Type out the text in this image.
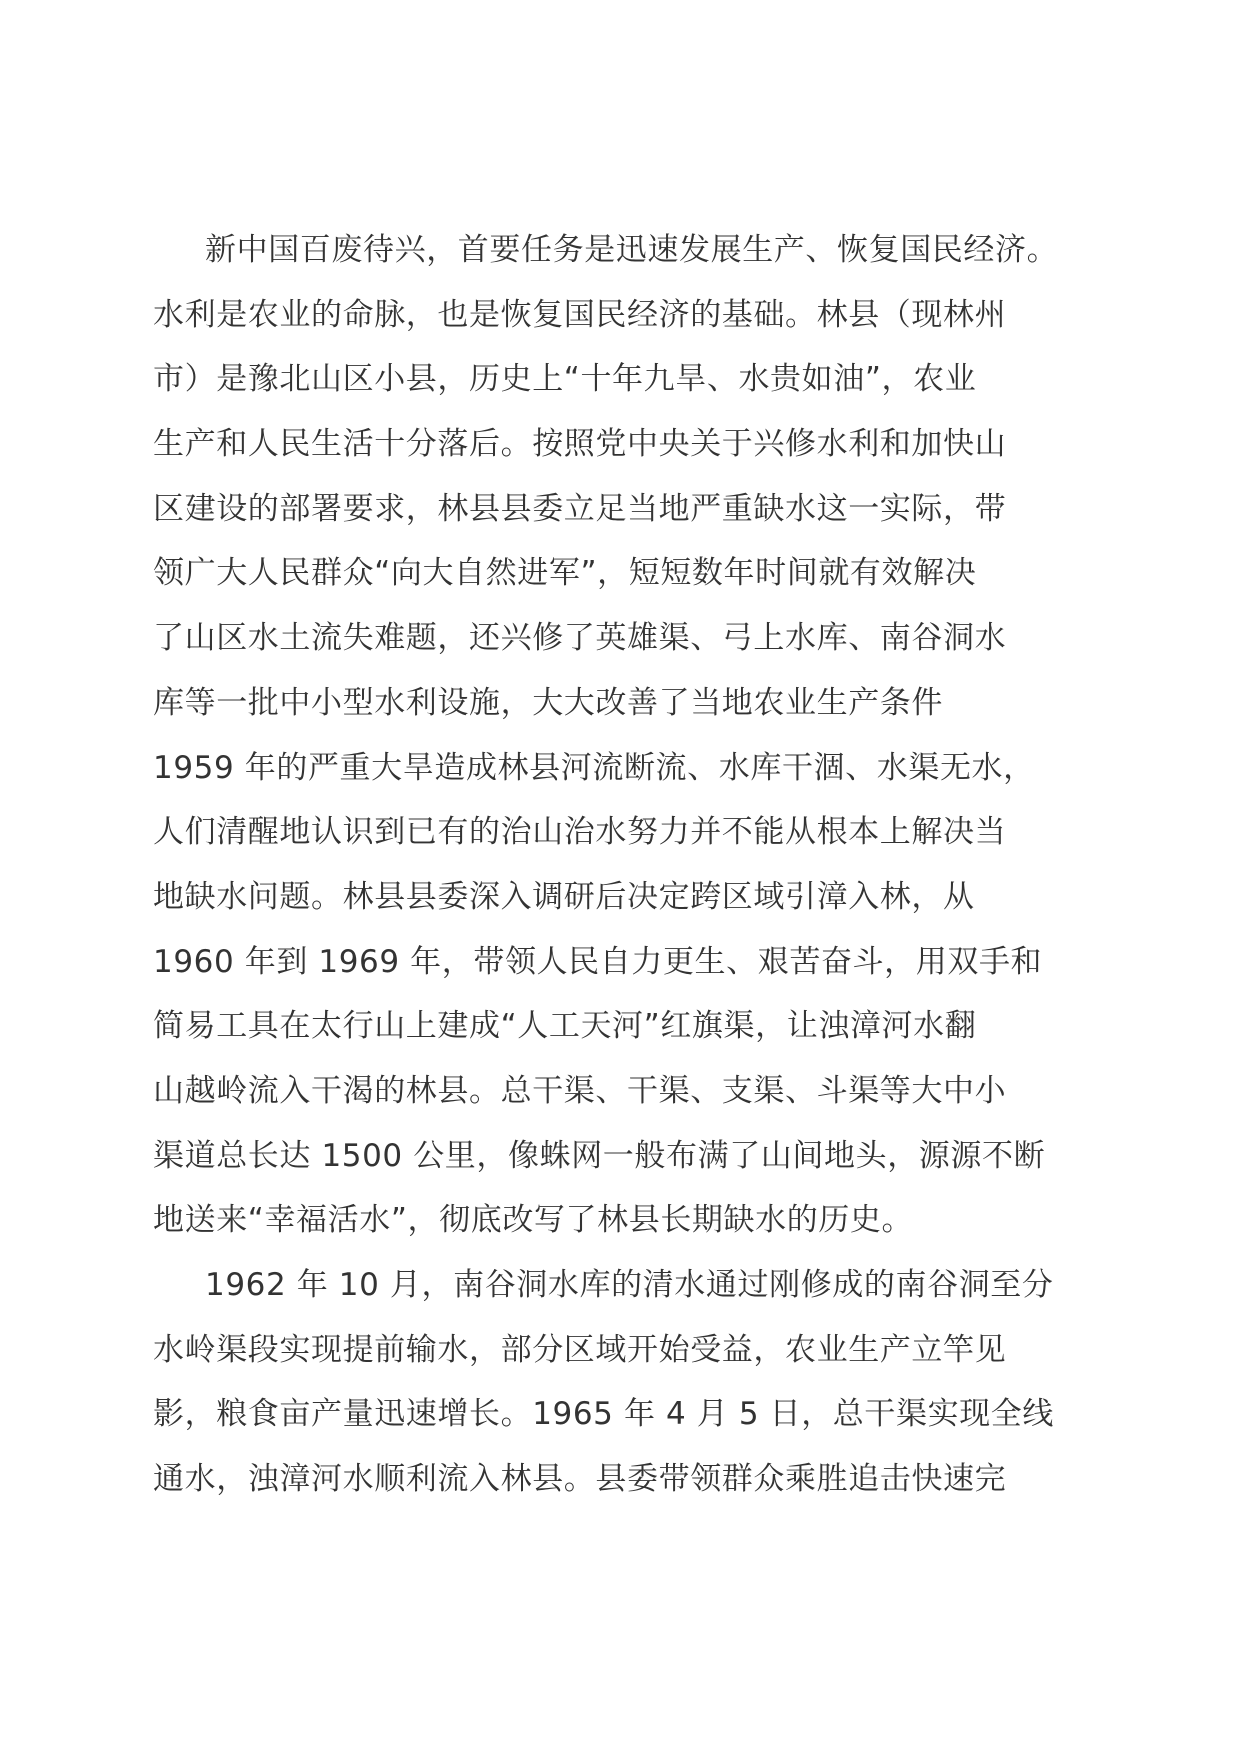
新中国百废待兴，首要任务是迅速发展生产、恢复国民经济。
水利是农业的命脉，也是恢复国民经济的基础。林县（现林州
市）是豫北山区小县，历史上“十年九旱、水贵如油”，农业
生产和人民生活十分落后。按照党中央关于兴修水利和加快山
区建设的部署要求，林县县委立足当地严重缺水这一实际，带
领广大人民群众“向大自然进军”，短短数年时间就有效解决
了山区水土流失难题，还兴修了英雄渠、弓上水库、南谷洞水
库等一批中小型水利设施，大大改善了当地农业生产条件
1959 年的严重大旱造成林县河流断流、水库干涸、水渠无水，
人们清醒地认识到已有的治山治水努力并不能从根本上解决当
地缺水问题。林县县委深入调研后决定跨区域引漳入林，从
1960 年到 1969 年，带领人民自力更生、艰苦奋斗，用双手和
简易工具在太行山上建成“人工天河”红旗渠，让浊漳河水翻
山越岭流入干渴的林县。总干渠、干渠、支渠、斗渠等大中小
渠道总长达 1500 公里，像蛛网一般布满了山间地头，源源不断
地送来“幸福活水”，彻底改写了林县长期缺水的历史。
1962 年 10 月，南谷洞水库的清水通过刚修成的南谷洞至分
水岭渠段实现提前输水，部分区域开始受益，农业生产立竿见
影，粮食亩产量迅速增长。1965 年 4 月 5 日，总干渠实现全线
通水，浊漳河水顺利流入林县。县委带领群众乘胜追击快速完
